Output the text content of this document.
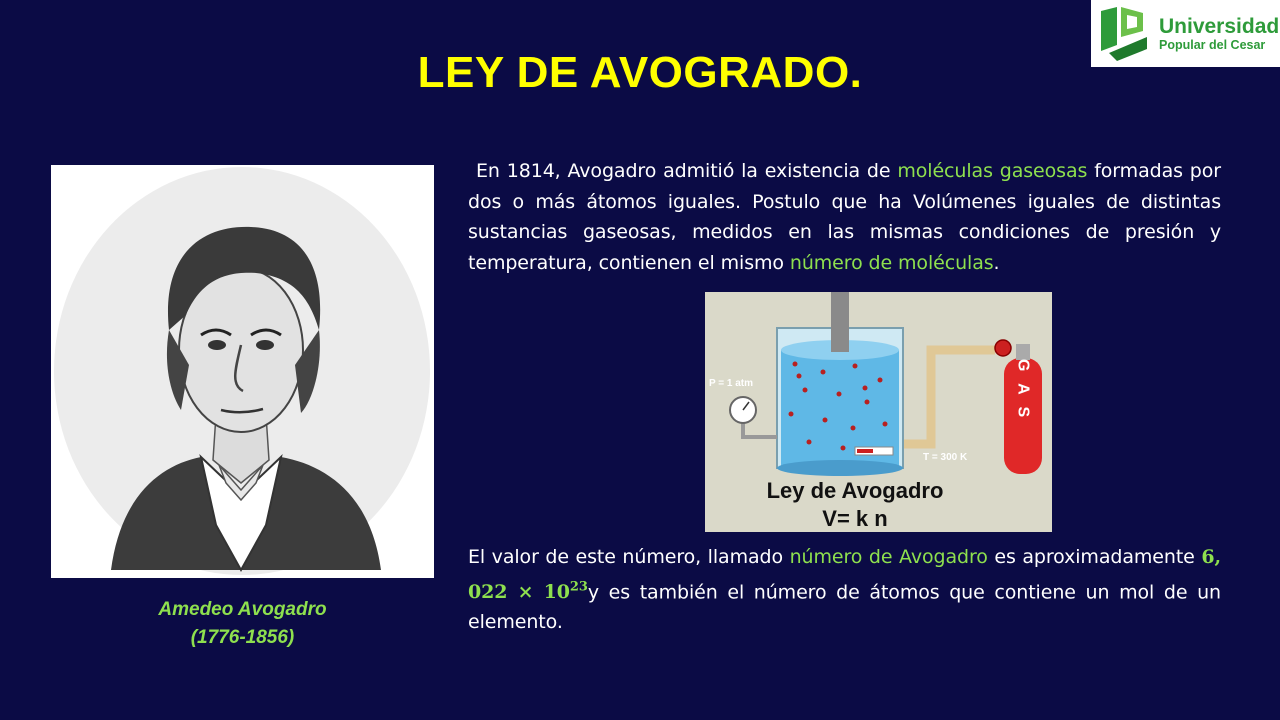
Universidad
Popular del Cesar
LEY DE AVOGRADO.
Amedeo Avogadro
(1776-1856)
En 1814, Avogadro admitió la existencia de moléculas gaseosas formadas por dos o más átomos iguales. Postulo que ha Volúmenes iguales de distintas sustancias gaseosas, medidos en las mismas condiciones de presión y temperatura, contienen el mismo número de moléculas.
P = 1 atm
T = 300 K
G A S
Ley de Avogadro
V= k n
El valor de este número, llamado número de Avogadro es aproximadamente 6, $022 \times 10^{23}y$ es también el número de átomos que contiene un mol de un elemento.
